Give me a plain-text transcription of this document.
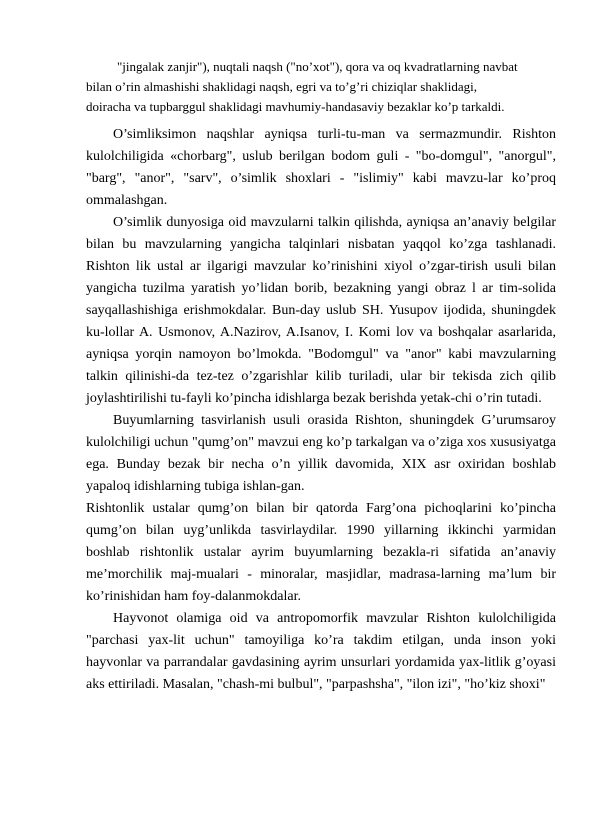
"jingalak zanjir"), nuqtali naqsh ("no’xot"), qora va oq kvadratlarning navbat
bilan o’rin almashishi shaklidagi naqsh, egri va to’g’ri chiziqlar shaklidagi,
doiracha va tupbarggul shaklidagi mavhumiy-handasaviy bezaklar ko’p tarkaldi.

O’simliksimon naqshlar ayniqsa turli-tu-man va sermazmundir. Rishton kulolchiligida «chorbarg", uslub berilgan bodom guli - "bo-domgul", "anorgul", "barg", "anor", "sarv", o’simlik shoxlari - "islimiy" kabi mavzu-lar ko’proq ommalashgan.

O’simlik dunyosiga oid mavzularni talkin qilishda, ayniqsa an’anaviy belgilar bilan bu mavzularning yangicha talqinlari nisbatan yaqqol ko’zga tashlanadi. Rishton lik ustal ar ilgarigi mavzular ko’rinishini xiyol o’zgar-tirish usuli bilan yangicha tuzilma yaratish yo’lidan borib, bezakning yangi obraz l ar tim-solida sayqallashishiga erishmokdalar. Bun-day uslub SH. Yusupov ijodida, shuningdek ku-lollar A. Usmonov, A.Nazirov, A.Isanov, I. Komi lov va boshqalar asarlarida, ayniqsa yorqin namoyon bo’lmokda. "Bodomgul" va "anor" kabi mavzularning talkin qilinishi-da tez-tez o’zgarishlar kilib turiladi, ular bir tekisda zich qilib joylashtirilishi tu-fayli ko’pincha idishlarga bezak berishda yetak-chi o’rin tutadi.

Buyumlarning tasvirlanish usuli orasida Rishton, shuningdek G’urumsaroy kulolchiligi uchun "qumg’on" mavzui eng ko’p tarkalgan va o’ziga xos xususiyatga ega. Bunday bezak bir necha o’n yillik davomida, XIX asr oxiridan boshlab yapaloq idishlarning tubiga ishlan-gan.

Rishtonlik ustalar qumg’on bilan bir qatorda Farg’ona pichoqlarini ko’pincha qumg’on bilan uyg’unlikda tasvirlaydilar. 1990 yillarning ikkinchi yarmidan boshlab rishtonlik ustalar ayrim buyumlarning bezakla-ri sifatida an’anaviy me’morchilik maj-mualari - minoralar, masjidlar, madrasa-larning ma’lum bir ko’rinishidan ham foy-dalanmokdalar.

Hayvonot olamiga oid va antropomorfik mavzular Rishton kulolchiligida "parchasi yax-lit uchun" tamoyiliga ko’ra takdim etilgan, unda inson yoki hayvonlar va parrandalar gavdasining ayrim unsurlari yordamida yax-litlik g’oyasi aks ettiriladi. Masalan, "chash-mi bulbul", "parpashsha", "ilon izi", "ho’kiz shoxi"
